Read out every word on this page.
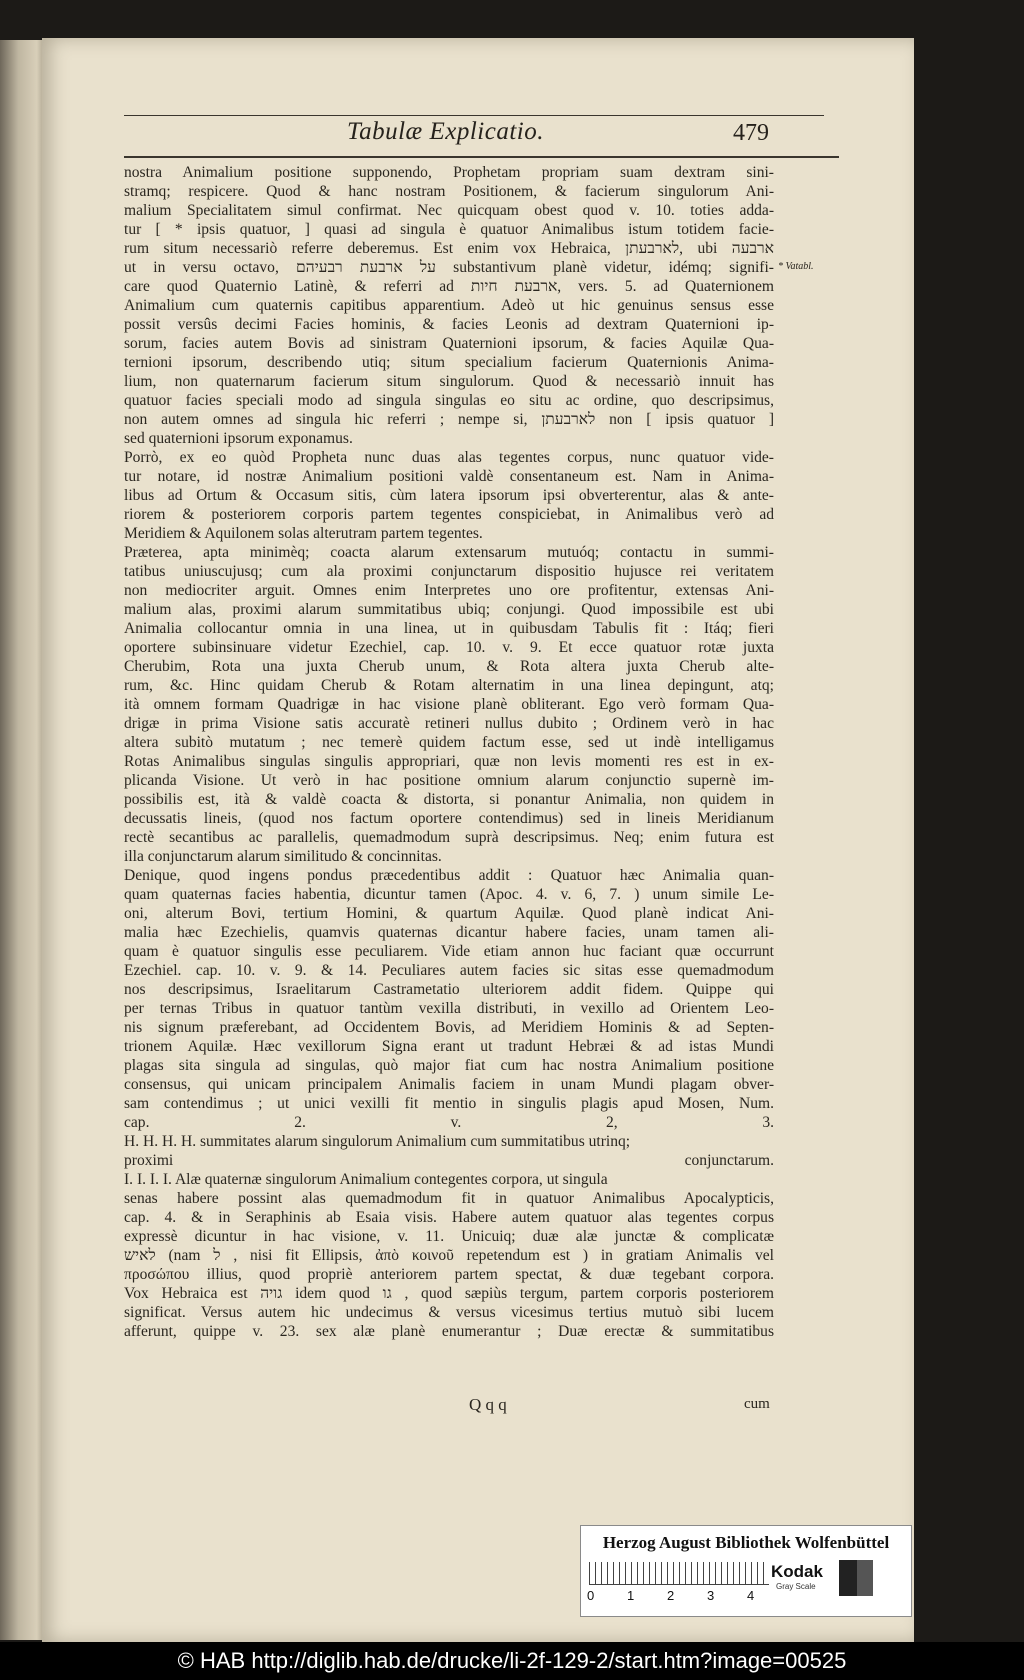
Tabulæ Explicatio.	479
* Vatabl.
nostra Animalium positione supponendo, Prophetam propriam suam dextram sini-
stramq; respicere. Quod & hanc nostram Positionem, & facierum singulorum Ani-
malium Specialitatem simul confirmat. Nec quicquam obest quod v. 10. toties adda-
tur [ * ipsis quatuor, ] quasi ad singula è quatuor Animalibus istum totidem facie-
rum situm necessariò referre deberemus. Est enim vox Hebraica, לארבעתן, ubi ארבעה
ut in versu octavo, על ארבעת רבעיהם substantivum planè videtur, idémq; signifi-
care quod Quaternio Latinè, & referri ad ארבעת חיות, vers. 5. ad Quaternionem
Animalium cum quaternis capitibus apparentium. Adeò ut hic genuinus sensus esse
possit versûs decimi Facies hominis, & facies Leonis ad dextram Quaternioni ip-
sorum, facies autem Bovis ad sinistram Quaternioni ipsorum, & facies Aquilæ Qua-
ternioni ipsorum, describendo utiq; situm specialium facierum Quaternionis Anima-
lium, non quaternarum facierum situm singulorum. Quod & necessariò innuit has
quatuor facies speciali modo ad singula singulas eo situ ac ordine, quo descripsimus,
non autem omnes ad singula hic referri ; nempe si, לארבעתן non [ ipsis quatuor ]
sed quaternioni ipsorum exponamus.
Porrò, ex eo quòd Propheta nunc duas alas tegentes corpus, nunc quatuor vide-
tur notare, id nostræ Animalium positioni valdè consentaneum est. Nam in Anima-
libus ad Ortum & Occasum sitis, cùm latera ipsorum ipsi obverterentur, alas & ante-
riorem & posteriorem corporis partem tegentes conspiciebat, in Animalibus verò ad
Meridiem & Aquilonem solas alterutram partem tegentes.
Præterea, apta minimèq; coacta alarum extensarum mutuóq; contactu in summi-
tatibus uniuscujusq; cum ala proximi conjunctarum dispositio hujusce rei veritatem
non mediocriter arguit. Omnes enim Interpretes uno ore profitentur, extensas Ani-
malium alas, proximi alarum summitatibus ubiq; conjungi. Quod impossibile est ubi
Animalia collocantur omnia in una linea, ut in quibusdam Tabulis fit : Itáq; fieri
oportere subinsinuare videtur Ezechiel, cap. 10. v. 9. Et ecce quatuor rotæ juxta
Cherubim, Rota una juxta Cherub unum, & Rota altera juxta Cherub alte-
rum, &c. Hinc quidam Cherub & Rotam alternatim in una linea depingunt, atq;
ità omnem formam Quadrigæ in hac visione planè obliterant. Ego verò formam Qua-
drigæ in prima Visione satis accuratè retineri nullus dubito ; Ordinem verò in hac
altera subitò mutatum ; nec temerè quidem factum esse, sed ut indè intelligamus
Rotas Animalibus singulas singulis appropriari, quæ non levis momenti res est in ex-
plicanda Visione. Ut verò in hac positione omnium alarum conjunctio supernè im-
possibilis est, ità & valdè coacta & distorta, si ponantur Animalia, non quidem in
decussatis lineis, (quod nos factum oportere contendimus) sed in lineis Meridianum
rectè secantibus ac parallelis, quemadmodum suprà descripsimus. Neq; enim futura est
illa conjunctarum alarum similitudo & concinnitas.
Denique, quod ingens pondus præcedentibus addit : Quatuor hæc Animalia quan-
quam quaternas facies habentia, dicuntur tamen (Apoc. 4. v. 6, 7. ) unum simile Le-
oni, alterum Bovi, tertium Homini, & quartum Aquilæ. Quod planè indicat Ani-
malia hæc Ezechielis, quamvis quaternas dicantur habere facies, unam tamen ali-
quam è quatuor singulis esse peculiarem. Vide etiam annon huc faciant quæ occurrunt
Ezechiel. cap. 10. v. 9. & 14. Peculiares autem facies sic sitas esse quemadmodum
nos descripsimus, Israelitarum Castrametatio ulteriorem addit fidem. Quippe qui
per ternas Tribus in quatuor tantùm vexilla distributi, in vexillo ad Orientem Leo-
nis signum præferebant, ad Occidentem Bovis, ad Meridiem Hominis & ad Septen-
trionem Aquilæ. Hæc vexillorum Signa erant ut tradunt Hebræi & ad istas Mundi
plagas sita singula ad singulas, quò major fiat cum hac nostra Animalium positione
consensus, qui unicam principalem Animalis faciem in unam Mundi plagam obver-
sam contendimus ; ut unici vexilli fit mentio in singulis plagis apud Mosen, Num.
cap. 2. v. 2, 3.
H. H. H. H. summitates alarum singulorum Animalium cum summitatibus utrinq;
proximi conjunctarum.
I. I. I. I. Alæ quaternæ singulorum Animalium contegentes corpora, ut singula
senas habere possint alas quemadmodum fit in quatuor Animalibus Apocalypticis,
cap. 4. & in Seraphinis ab Esaia visis. Habere autem quatuor alas tegentes corpus
expressè dicuntur in hac visione, v. 11. Unicuiq; duæ alæ junctæ & complicatæ
לאיש (nam ל , nisi fit Ellipsis, ἀπὸ κοινοῦ repetendum est ) in gratiam Animalis vel
προσώπου illius, quod propriè anteriorem partem spectat, & duæ tegebant corpora.
Vox Hebraica est גויה idem quod גו , quod sæpiùs tergum, partem corporis posteriorem
significat. Versus autem hic undecimus & versus vicesimus tertius mutuò sibi lucem
afferunt, quippe v. 23. sex alæ planè enumerantur ; Duæ erectæ & summitatibus
Q q q	cum
Herzog August Bibliothek Wolfenbüttel
0	1	2	3	4
Kodak
Gray Scale
© HAB http://diglib.hab.de/drucke/li-2f-129-2/start.htm?image=00525
